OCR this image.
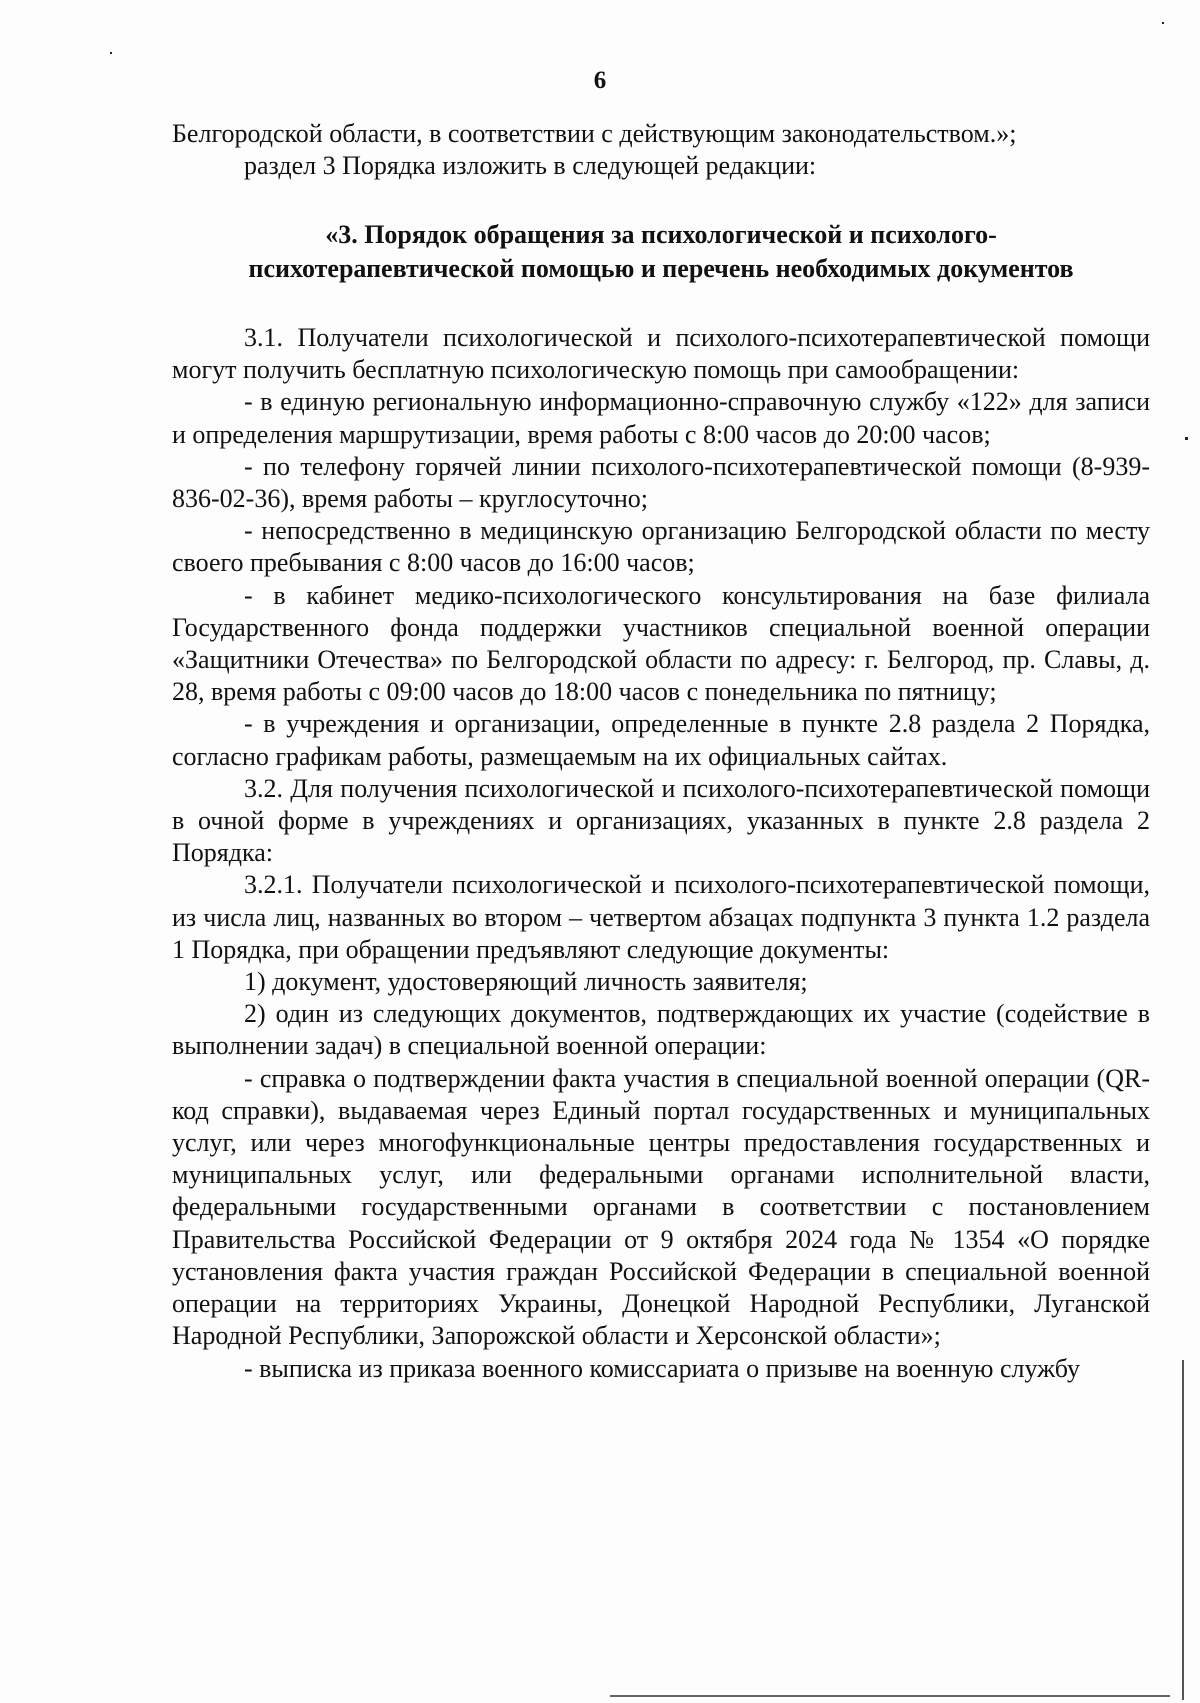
6

Белгородской области, в соответствии с действующим законодательством.»;

раздел 3 Порядка изложить в следующей редакции:

«3. Порядок обращения за психологической и психолого-
психотерапевтической помощью и перечень необходимых документов

3.1. Получатели психологической и психолого-психотерапевтической помощи могут получить бесплатную психологическую помощь при самообращении:

- в единую региональную информационно-справочную службу «122» для записи и определения маршрутизации, время работы с 8:00 часов до 20:00 часов;

- по телефону горячей линии психолого-психотерапевтической помощи (8-939-836-02-36), время работы – круглосуточно;

- непосредственно в медицинскую организацию Белгородской области по месту своего пребывания с 8:00 часов до 16:00 часов;

- в кабинет медико-психологического консультирования на базе филиала Государственного фонда поддержки участников специальной военной операции «Защитники Отечества» по Белгородской области по адресу: г. Белгород, пр. Славы, д. 28, время работы с 09:00 часов до 18:00 часов с понедельника по пятницу;

- в учреждения и организации, определенные в пункте 2.8 раздела 2 Порядка, согласно графикам работы, размещаемым на их официальных сайтах.

3.2. Для получения психологической и психолого-психотерапевтической помощи в очной форме в учреждениях и организациях, указанных в пункте 2.8 раздела 2 Порядка:

3.2.1. Получатели психологической и психолого-психотерапевтической помощи, из числа лиц, названных во втором – четвертом абзацах подпункта 3 пункта 1.2 раздела 1 Порядка, при обращении предъявляют следующие документы:

1) документ, удостоверяющий личность заявителя;

2) один из следующих документов, подтверждающих их участие (содействие в выполнении задач) в специальной военной операции:

- справка о подтверждении факта участия в специальной военной операции (QR-код справки), выдаваемая через Единый портал государственных и муниципальных услуг, или через многофункциональные центры предоставления государственных и муниципальных услуг, или федеральными органами исполнительной власти, федеральными государственными органами в соответствии с постановлением Правительства Российской Федерации от 9 октября 2024 года № 1354 «О порядке установления факта участия граждан Российской Федерации в специальной военной операции на территориях Украины, Донецкой Народной Республики, Луганской Народной Республики, Запорожской области и Херсонской области»;

- выписка из приказа военного комиссариата о призыве на военную службу
